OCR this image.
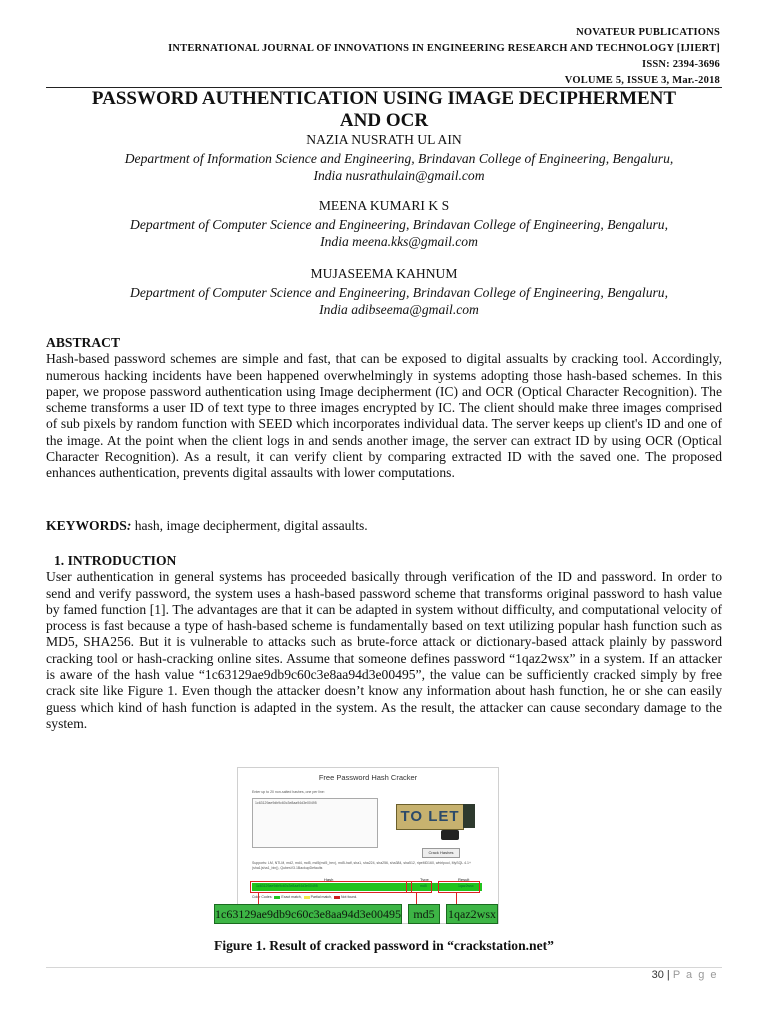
NOVATEUR PUBLICATIONS
INTERNATIONAL JOURNAL OF INNOVATIONS IN ENGINEERING RESEARCH AND TECHNOLOGY [IJIERT]
ISSN: 2394-3696
VOLUME 5, ISSUE 3, Mar.-2018
PASSWORD AUTHENTICATION USING IMAGE DECIPHERMENT
AND OCR
NAZIA NUSRATH UL AIN
Department of Information Science and Engineering, Brindavan College of Engineering, Bengaluru,
India nusrathulain@gmail.com
MEENA KUMARI K S
Department of Computer Science and Engineering, Brindavan College of Engineering, Bengaluru,
India meena.kks@gmail.com
MUJASEEMA KAHNUM
Department of Computer Science and Engineering, Brindavan College of Engineering, Bengaluru,
India adibseema@gmail.com
ABSTRACT
Hash-based password schemes are simple and fast, that can be exposed to digital assualts by cracking tool. Accordingly, numerous hacking incidents have been happened overwhelmingly in systems adopting those hash-based schemes. In this paper, we propose password authentication using Image decipherment (IC) and OCR (Optical Character Recognition). The scheme transforms a user ID of text type to three images encrypted by IC. The client should make three images comprised of sub pixels by random function with SEED which incorporates individual data. The server keeps up client's ID and one of the image. At the point when the client logs in and sends another image, the server can extract ID by using OCR (Optical Character Recognition). As a result, it can verify client by comparing extracted ID with the saved one. The proposed enhances authentication, prevents digital assaults with lower computations.
KEYWORDS: hash, image decipherment, digital assaults.
1. INTRODUCTION
User authentication in general systems has proceeded basically through verification of the ID and password. In order to send and verify password, the system uses a hash-based password scheme that transforms original password to hash value by famed function [1]. The advantages are that it can be adapted in system without difficulty, and computational velocity of process is fast because a type of hash-based scheme is fundamentally based on text utilizing popular hash function such as MD5, SHA256. But it is vulnerable to attacks such as brute-force attack or dictionary-based attack plainly by password cracking tool or hash-cracking online sites. Assume that someone defines password “1qaz2wsx” in a system. If an attacker is aware of the hash value “1c63129ae9db9c60c3e8aa94d3e00495”, the value can be sufficiently cracked simply by free crack site like Figure 1. Even though the attacker doesn’t know any information about hash function, he or she can easily guess which kind of hash function is adapted in the system. As the result, the attacker can cause secondary damage to the system.
Free Password Hash Cracker
Enter up to 20 non-salted hashes, one per line:
1c63129ae9db9c60c3e8aa94d3e00495
TO LET
Crack Hashes
Supports: LM, NTLM, md2, md4, md5, md5(md5_hex), md5-half, sha1, sha224, sha256, sha384, sha512, ripeMD160, whirlpool, MySQL 4.1+ (sha1(sha1_bin)), QubesV3.1BackupDefaults
Hash	Type	Result
1c63129ae9db9c60c3e8aa94d3e00495	md5	1qaz2wsx
Color Codes:	Exact match,	Partial match,	Not found.
1c63129ae9db9c60c3e8aa94d3e00495	md5	1qaz2wsx
Figure 1. Result of cracked password in “crackstation.net”
30 | P a g e
